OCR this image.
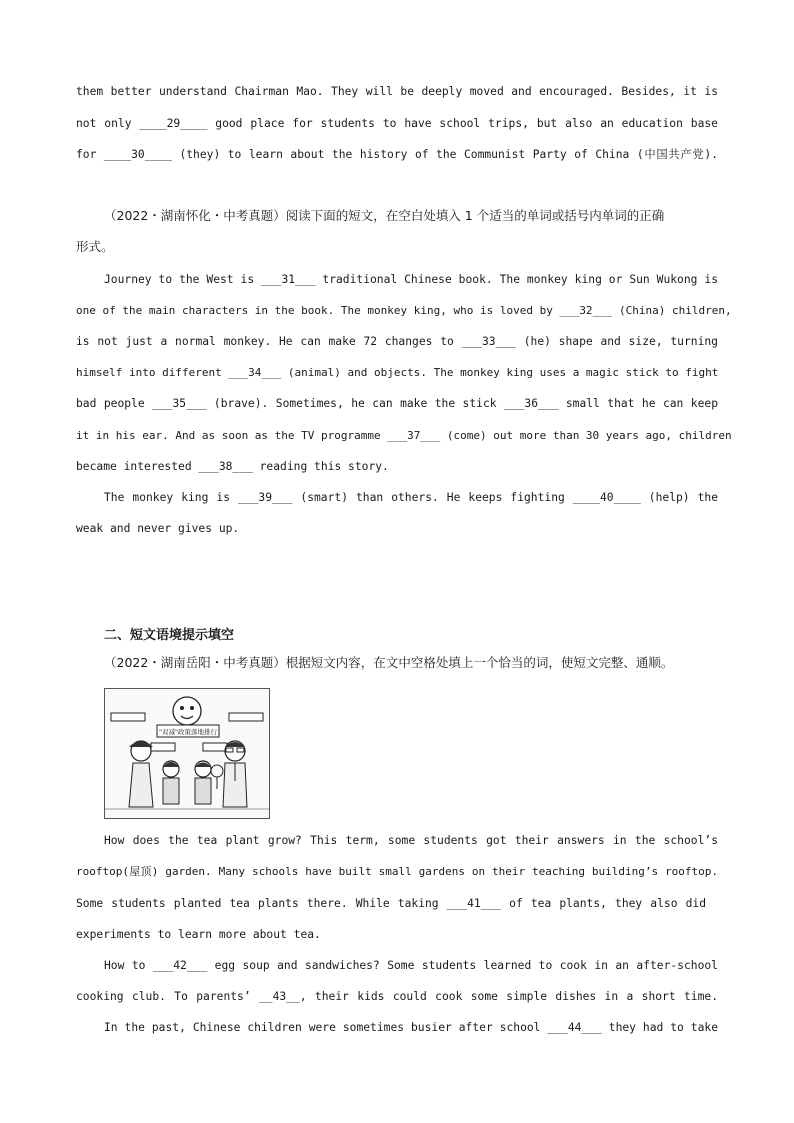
them better understand Chairman Mao. They will be deeply moved and encouraged. Besides, it is
not only ____29____ good place for students to have school trips, but also an education base
for ____30____ (they) to learn about the history of the Communist Party of China (中国共产党).
（2022・湖南怀化・中考真题）阅读下面的短文，在空白处填入 1 个适当的单词或括号内单词的正确
形式。
Journey to the West is ___31___ traditional Chinese book. The monkey king or Sun Wukong is
one of the main characters in the book. The monkey king, who is loved by ___32___ (China) children,
is not just a normal monkey. He can make 72 changes to ___33___ (he) shape and size, turning
himself into different ___34___ (animal) and objects. The monkey king uses a magic stick to fight
bad people ___35___ (brave). Sometimes, he can make the stick ___36___ small that he can keep
it in his ear. And as soon as the TV programme ___37___ (come) out more than 30 years ago, children
became interested ___38___ reading this story.
The monkey king is ___39___ (smart) than others. He keeps fighting ____40____ (help) the
weak and never gives up.
二、短文语境提示填空
（2022・湖南岳阳・中考真题）根据短文内容，在文中空格处填上一个恰当的词，使短文完整、通顺。
"双减"政策落地排行
How does the tea plant grow? This term, some students got their answers in the school’s
rooftop(屋顶) garden. Many schools have built small gardens on their teaching building’s rooftop.
Some students planted tea plants there. While taking ___41___ of tea plants, they also did
experiments to learn more about tea.
How to ___42___ egg soup and sandwiches? Some students learned to cook in an after-school
cooking club. To parents’ __43__, their kids could cook some simple dishes in a short time.
In the past, Chinese children were sometimes busier after school ___44___ they had to take
